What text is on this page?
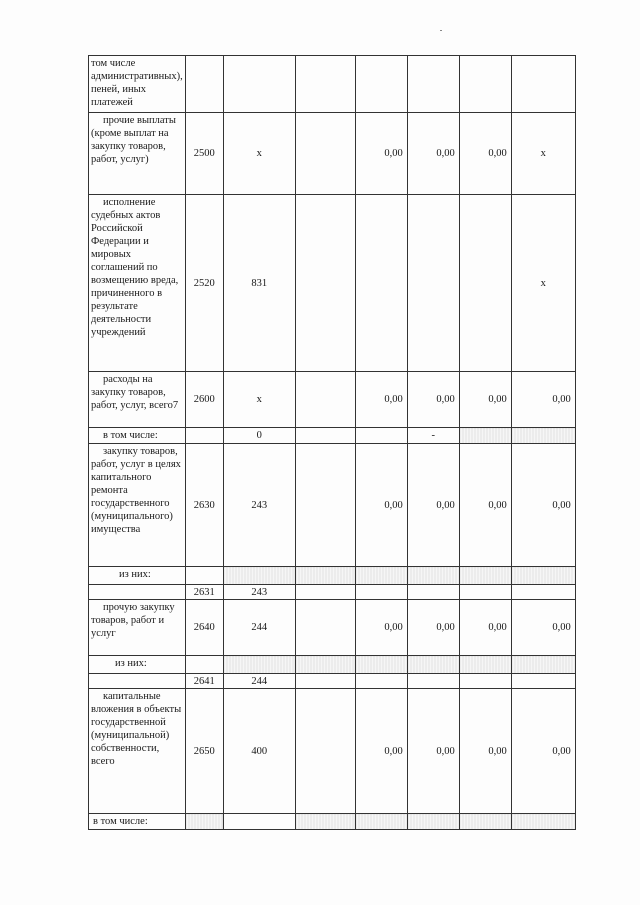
том числе административных), пеней, иных платежей							
прочие выплаты (кроме выплат на закупку товаров, работ, услуг)	2500	х		0,00	0,00	0,00	х
исполнение судебных актов Российской Федерации и мировых соглашений по возмещению вреда, причиненного в результате деятельности учреждений	2520	831					х
расходы на закупку товаров, работ, услуг, всего7	2600	х		0,00	0,00	0,00	0,00
в том числе:		0			-		
закупку товаров, работ, услуг в целях капитального ремонта государственного (муниципального) имущества	2630	243		0,00	0,00	0,00	0,00
из них:							
	2631	243					
прочую закупку товаров, работ и услуг	2640	244		0,00	0,00	0,00	0,00
из них:							
	2641	244					
капитальные вложения в объекты государственной (муниципальной) собственности, всего	2650	400		0,00	0,00	0,00	0,00
в том числе:							
